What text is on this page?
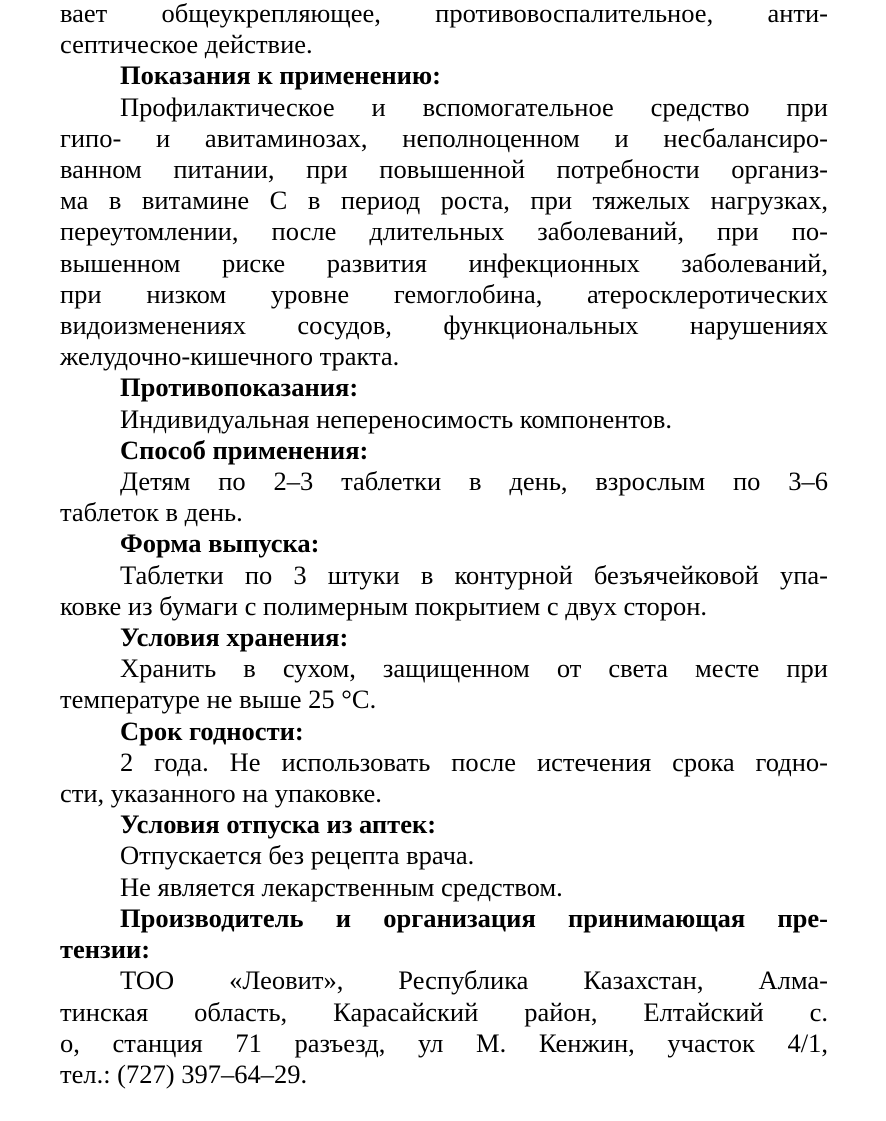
вает общеукрепляющее, противовоспалительное, анти-
септическое действие.
Показания к применению:
Профилактическое и вспомогательное средство при
гипо- и авитаминозах, неполноценном и несбалансиро-
ванном питании, при повышенной потребности организ-
ма в витамине С в период роста, при тяжелых нагрузках,
переутомлении, после длительных заболеваний, при по-
вышенном риске развития инфекционных заболеваний,
при низком уровне гемоглобина, атеросклеротических
видоизменениях сосудов, функциональных нарушениях
желудочно-кишечного тракта.
Противопоказания:
Индивидуальная непереносимость компонентов.
Способ применения:
Детям по 2–3 таблетки в день, взрослым по 3–6
таблеток в день.
Форма выпуска:
Таблетки по 3 штуки в контурной безъячейковой упа-
ковке из бумаги с полимерным покрытием с двух сторон.
Условия хранения:
Хранить в сухом, защищенном от света месте при
температуре не выше 25 °С.
Срок годности:
2 года. Не использовать после истечения срока годно-
сти, указанного на упаковке.
Условия отпуска из аптек:
Отпускается без рецепта врача.
Не является лекарственным средством.
Производитель и организация принимающая пре-
тензии:
ТОО «Леовит», Республика Казахстан, Алма-
тинская область, Карасайский район, Елтайский с.
о, станция 71 разъезд, ул М. Кенжин, участок 4/1,
тел.: (727) 397–64–29.
